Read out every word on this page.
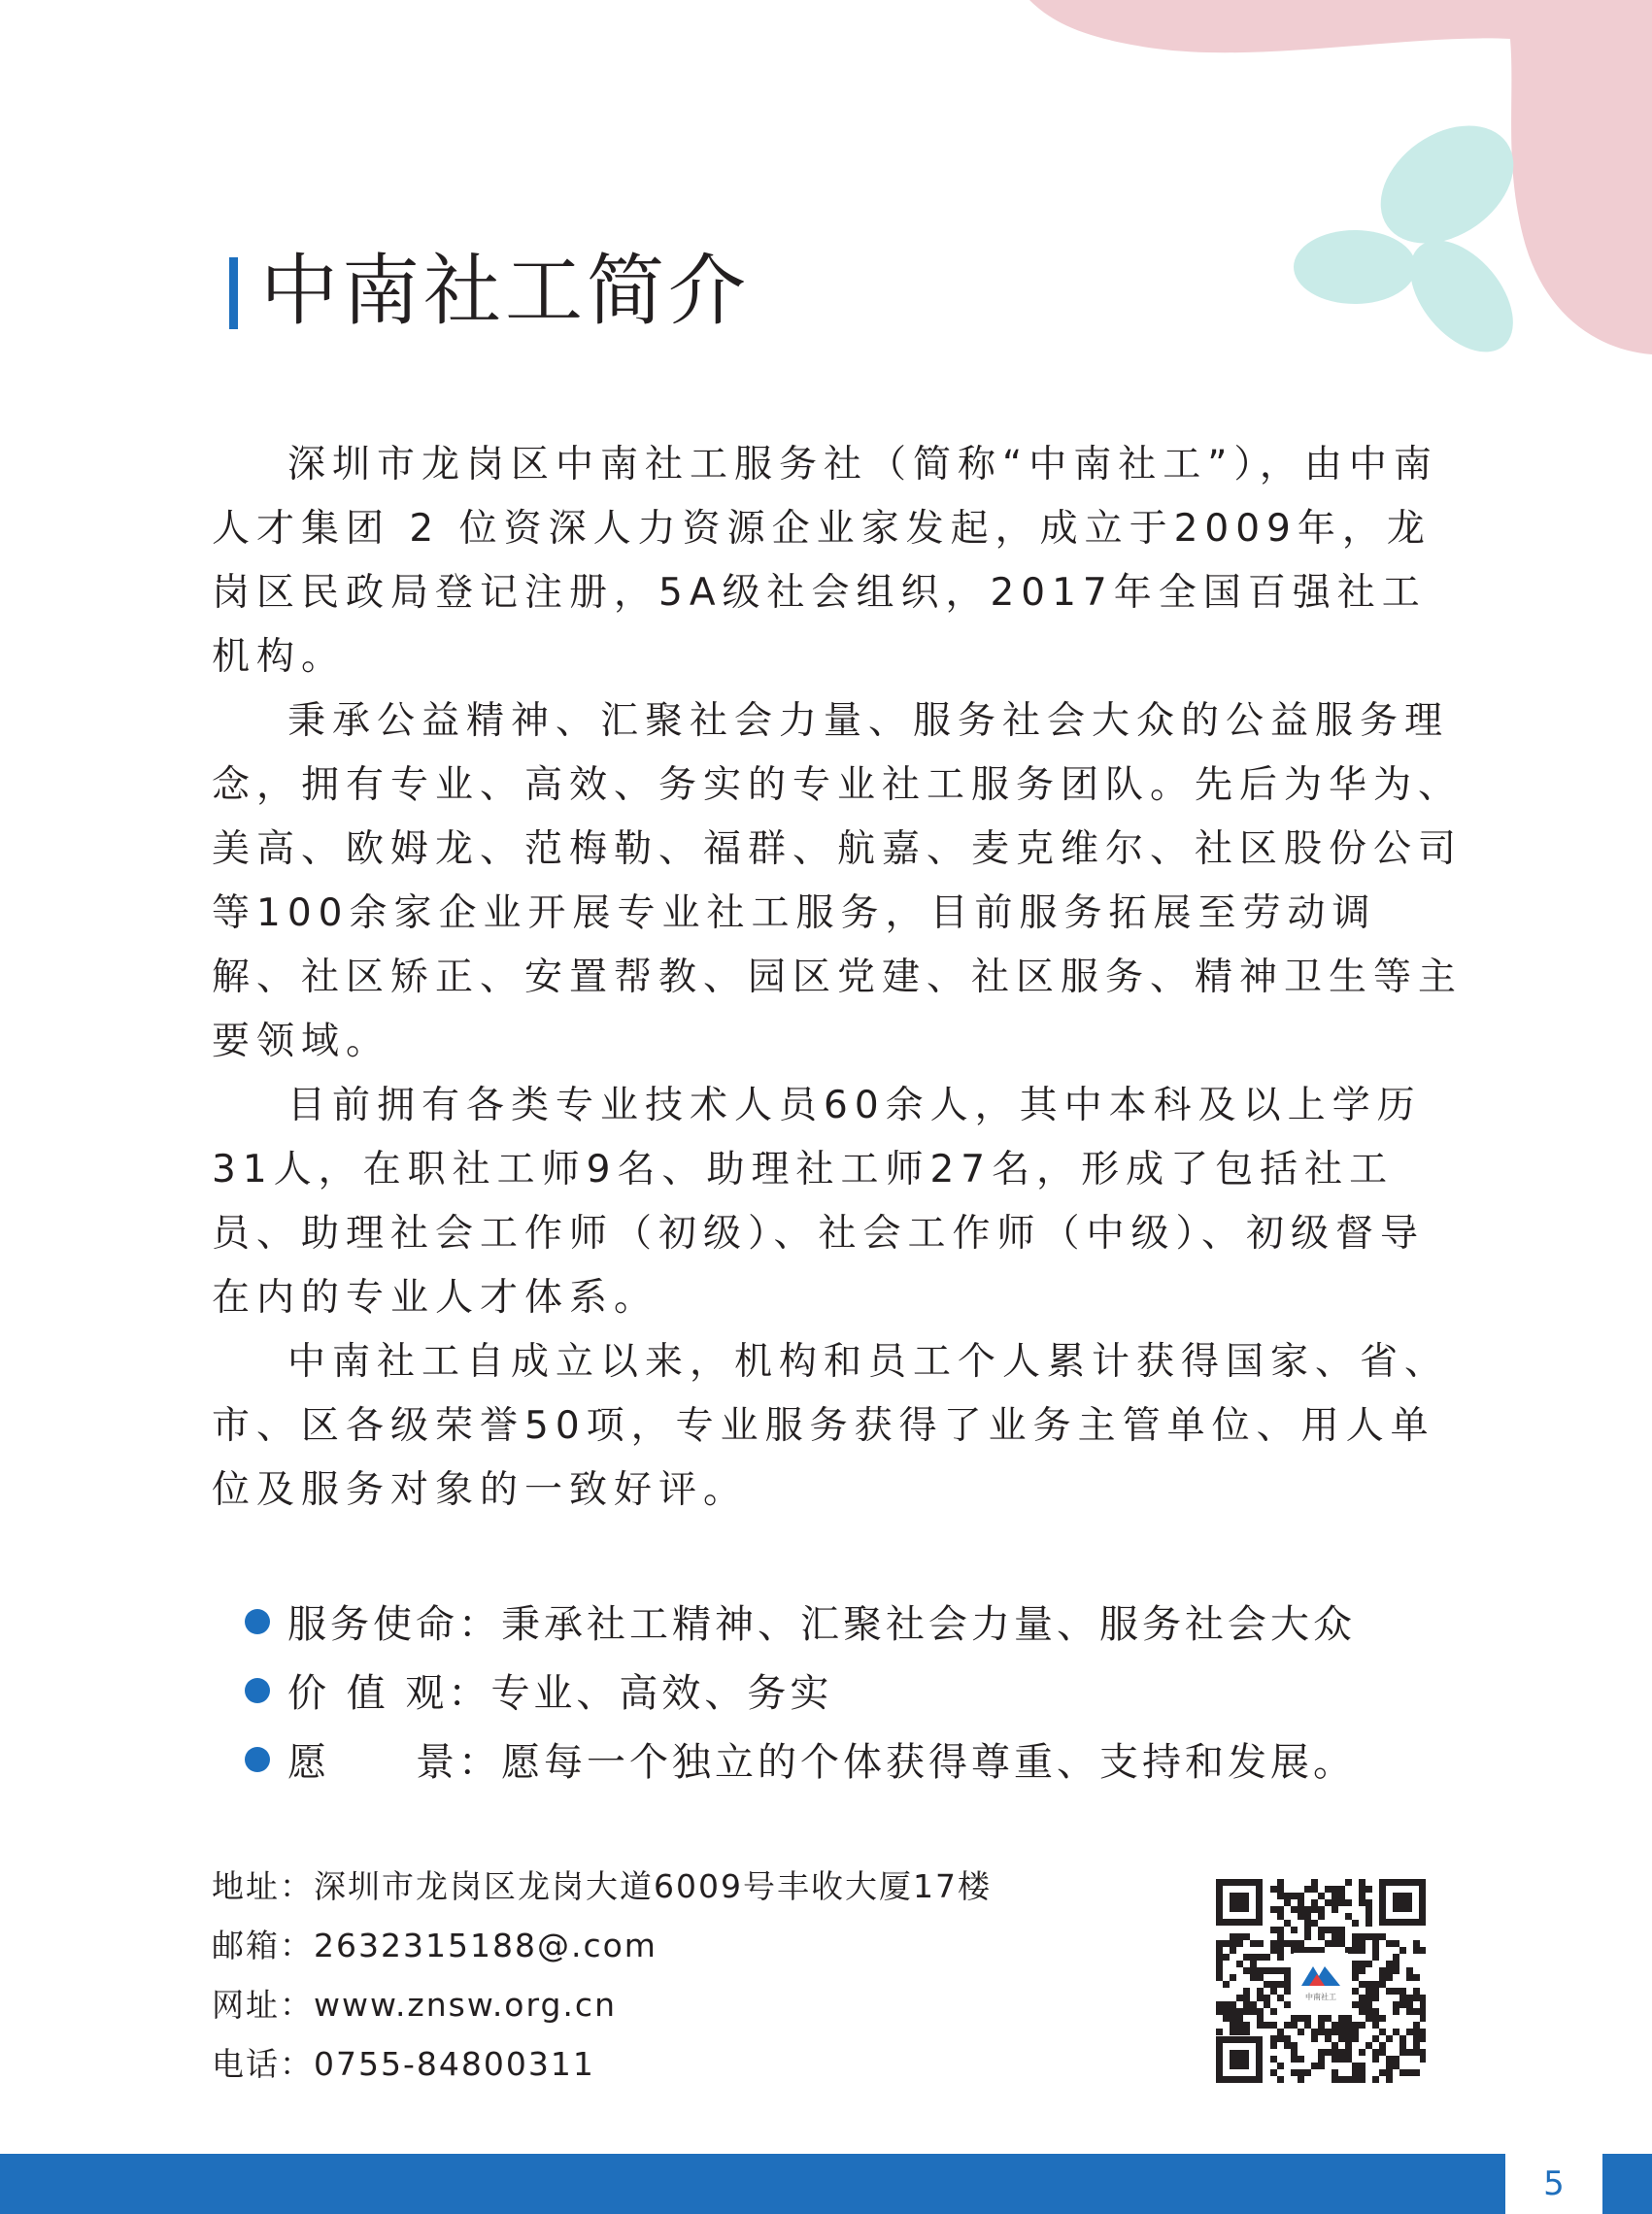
中南社工简介

深圳市龙岗区中南社工服务社（简称“中南社工”），由中南人才集团 2 位资深人力资源企业家发起，成立于2009年，龙岗区民政局登记注册，5A级社会组织，2017年全国百强社工机构。

秉承公益精神、汇聚社会力量、服务社会大众的公益服务理念，拥有专业、高效、务实的专业社工服务团队。先后为华为、美高、欧姆龙、范梅勒、福群、航嘉、麦克维尔、社区股份公司等100余家企业开展专业社工服务，目前服务拓展至劳动调解、社区矫正、安置帮教、园区党建、社区服务、精神卫生等主要领域。

目前拥有各类专业技术人员60余人，其中本科及以上学历31人，在职社工师9名、助理社工师27名，形成了包括社工员、助理社会工作师（初级）、社会工作师（中级）、初级督导在内的专业人才体系。

中南社工自成立以来，机构和员工个人累计获得国家、省、市、区各级荣誉50项，专业服务获得了业务主管单位、用人单位及服务对象的一致好评。

服务使命： 秉承社工精神、汇聚社会力量、服务社会大众
价 值 观： 专业、高效、务实
愿　　景： 愿每一个独立的个体获得尊重、支持和发展。
地址：深圳市龙岗区龙岗大道6009号丰收大厦17楼
邮箱：2632315188@.com
网址：www.znsw.org.cn
电话：0755-84800311
中南社工
5
